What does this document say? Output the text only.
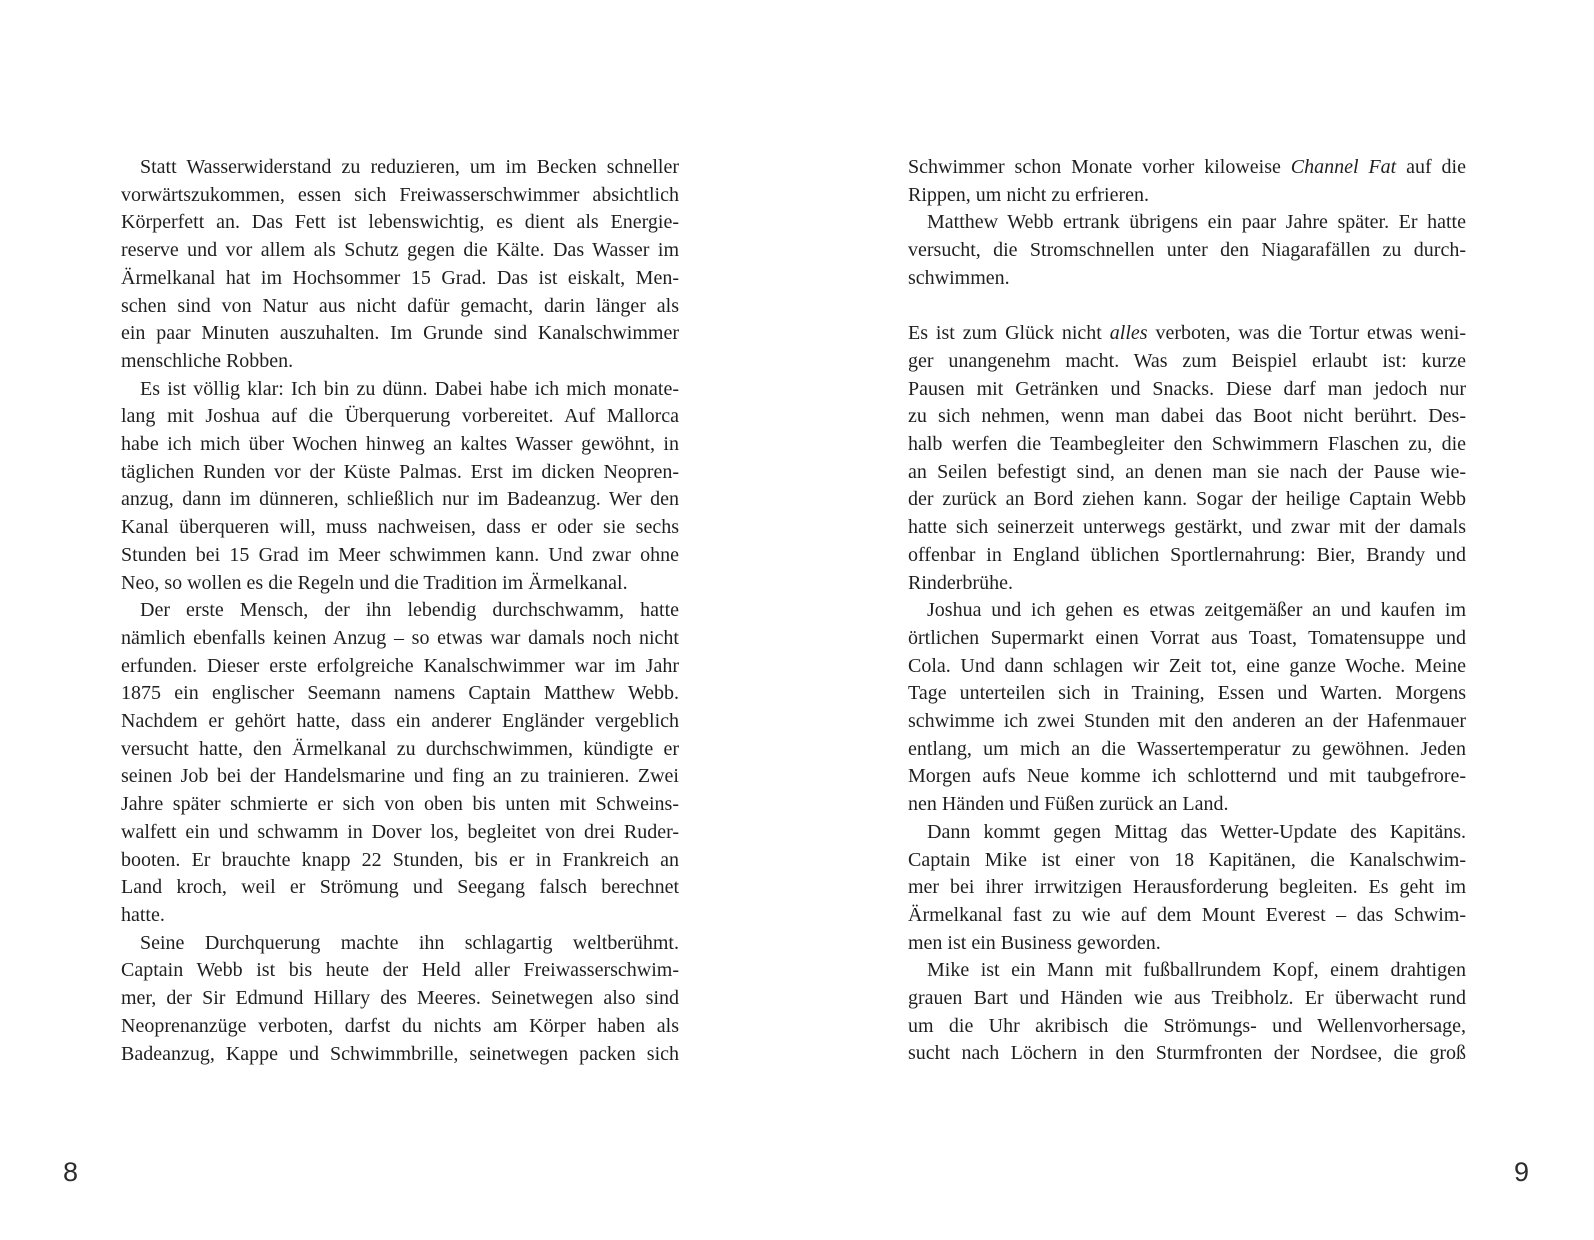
Statt Wasserwiderstand zu reduzieren, um im Becken schneller
vorwärtszukommen, essen sich Freiwasserschwimmer absichtlich
Körperfett an. Das Fett ist lebenswichtig, es dient als Energie-
reserve und vor allem als Schutz gegen die Kälte. Das Wasser im
Ärmelkanal hat im Hochsommer 15 Grad. Das ist eiskalt, Men-
schen sind von Natur aus nicht dafür gemacht, darin länger als
ein paar Minuten auszuhalten. Im Grunde sind Kanalschwimmer
menschliche Robben.
Es ist völlig klar: Ich bin zu dünn. Dabei habe ich mich monate-
lang mit Joshua auf die Überquerung vorbereitet. Auf Mallorca
habe ich mich über Wochen hinweg an kaltes Wasser gewöhnt, in
täglichen Runden vor der Küste Palmas. Erst im dicken Neopren-
anzug, dann im dünneren, schließlich nur im Badeanzug. Wer den
Kanal überqueren will, muss nachweisen, dass er oder sie sechs
Stunden bei 15 Grad im Meer schwimmen kann. Und zwar ohne
Neo, so wollen es die Regeln und die Tradition im Ärmelkanal.
Der erste Mensch, der ihn lebendig durchschwamm, hatte
nämlich ebenfalls keinen Anzug – so etwas war damals noch nicht
erfunden. Dieser erste erfolgreiche Kanalschwimmer war im Jahr
1875 ein englischer Seemann namens Captain Matthew Webb.
Nachdem er gehört hatte, dass ein anderer Engländer vergeblich
versucht hatte, den Ärmelkanal zu durchschwimmen, kündigte er
seinen Job bei der Handelsmarine und fing an zu trainieren. Zwei
Jahre später schmierte er sich von oben bis unten mit Schweins-
walfett ein und schwamm in Dover los, begleitet von drei Ruder-
booten. Er brauchte knapp 22 Stunden, bis er in Frankreich an
Land kroch, weil er Strömung und Seegang falsch berechnet
hatte.
Seine Durchquerung machte ihn schlagartig weltberühmt.
Captain Webb ist bis heute der Held aller Freiwasserschwim-
mer, der Sir Edmund Hillary des Meeres. Seinetwegen also sind
Neoprenanzüge verboten, darfst du nichts am Körper haben als
Badeanzug, Kappe und Schwimmbrille, seinetwegen packen sich
Schwimmer schon Monate vorher kiloweise Channel Fat auf die
Rippen, um nicht zu erfrieren.
Matthew Webb ertrank übrigens ein paar Jahre später. Er hatte
versucht, die Stromschnellen unter den Niagarafällen zu durch-
schwimmen.
Es ist zum Glück nicht alles verboten, was die Tortur etwas weni-
ger unangenehm macht. Was zum Beispiel erlaubt ist: kurze
Pausen mit Getränken und Snacks. Diese darf man jedoch nur
zu sich nehmen, wenn man dabei das Boot nicht berührt. Des-
halb werfen die Teambegleiter den Schwimmern Flaschen zu, die
an Seilen befestigt sind, an denen man sie nach der Pause wie-
der zurück an Bord ziehen kann. Sogar der heilige Captain Webb
hatte sich seinerzeit unterwegs gestärkt, und zwar mit der damals
offenbar in England üblichen Sportlernahrung: Bier, Brandy und
Rinderbrühe.
Joshua und ich gehen es etwas zeitgemäßer an und kaufen im
örtlichen Supermarkt einen Vorrat aus Toast, Tomatensuppe und
Cola. Und dann schlagen wir Zeit tot, eine ganze Woche. Meine
Tage unterteilen sich in Training, Essen und Warten. Morgens
schwimme ich zwei Stunden mit den anderen an der Hafenmauer
entlang, um mich an die Wassertemperatur zu gewöhnen. Jeden
Morgen aufs Neue komme ich schlotternd und mit taubgefrore-
nen Händen und Füßen zurück an Land.
Dann kommt gegen Mittag das Wetter-Update des Kapitäns.
Captain Mike ist einer von 18 Kapitänen, die Kanalschwim-
mer bei ihrer irrwitzigen Herausforderung begleiten. Es geht im
Ärmelkanal fast zu wie auf dem Mount Everest – das Schwim-
men ist ein Business geworden.
Mike ist ein Mann mit fußballrundem Kopf, einem drahtigen
grauen Bart und Händen wie aus Treibholz. Er überwacht rund
um die Uhr akribisch die Strömungs- und Wellenvorhersage,
sucht nach Löchern in den Sturmfronten der Nordsee, die groß
8	9
